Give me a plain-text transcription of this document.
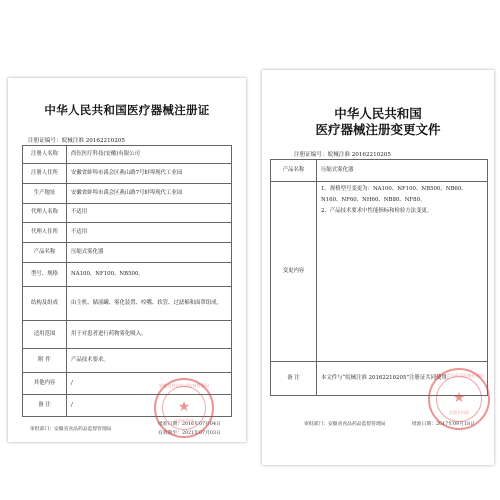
中华人民共和国医疗器械注册证
注册证编号：皖械注准 20162210205
注册人名称	尚钰医疗科技(安徽)有限公司
注册人住所	安徽省蚌埠市禹会区燕山路7号蚌埠现代工业园
生产地址	安徽省蚌埠市禹会区燕山路7号蚌埠现代工业园
代理人名称	不适用
代理人住所	不适用
产品名称	压缩式雾化器
型号、规格	NA100、NF100、NB500。
结构及组成	由主机、储液罐、雾化装置、咬嘴、软管、过滤棉和面罩组成。
适用范围	用于对患者进行药物雾化吸入。
附 件	产品技术要求。
其他内容	/
备 注	/
审批部门：安徽省食品药品监督管理局
批准日期：2016年07月04日
有效期至：2021年07月03日
安徽省食品药品监督管理局
★
注册专用章
中华人民共和国
医疗器械注册变更文件
注册证编号：皖械注准 20162210205
产品名称	压缩式雾化器
变更内容	1、规格型号变更为：NA100、NF100、NB500、NB60、
N160、NF60、NH60、NB80、NF80。
2、产品技术要求中性能指标和检验方法变更。

备 注	本文件与“皖械注准 20162210205”注册证共同使用。
审批部门：安徽省食品药品监督管理局	批准日期：2017年09月18日
安徽省食品药品监督管理局
★
注册专用章
